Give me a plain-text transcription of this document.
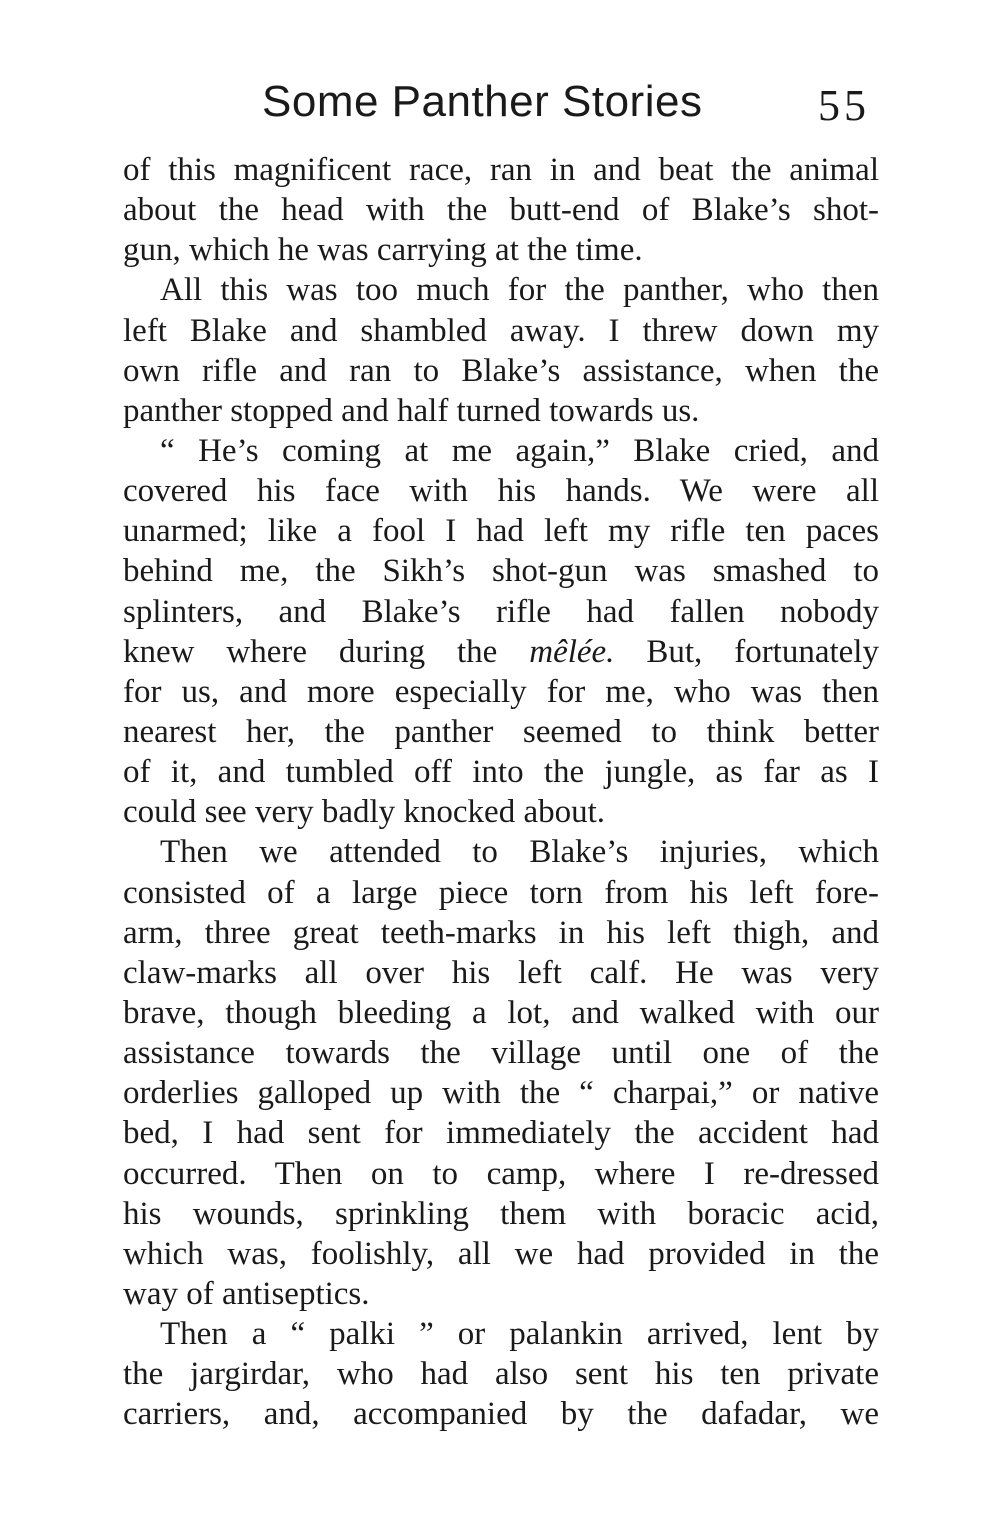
Some Panther Stories	55
of this magnificent race, ran in and beat the animal
about the head with the butt-end of Blake’s shot-
gun, which he was carrying at the time.
All this was too much for the panther, who then
left Blake and shambled away. I threw down my
own rifle and ran to Blake’s assistance, when the
panther stopped and half turned towards us.
“ He’s coming at me again,” Blake cried, and
covered his face with his hands. We were all
unarmed; like a fool I had left my rifle ten paces
behind me, the Sikh’s shot-gun was smashed to
splinters, and Blake’s rifle had fallen nobody
knew where during the mêlée. But, fortunately
for us, and more especially for me, who was then
nearest her, the panther seemed to think better
of it, and tumbled off into the jungle, as far as I
could see very badly knocked about.
Then we attended to Blake’s injuries, which
consisted of a large piece torn from his left fore-
arm, three great teeth-marks in his left thigh, and
claw-marks all over his left calf. He was very
brave, though bleeding a lot, and walked with our
assistance towards the village until one of the
orderlies galloped up with the “ charpai,” or native
bed, I had sent for immediately the accident had
occurred. Then on to camp, where I re-dressed
his wounds, sprinkling them with boracic acid,
which was, foolishly, all we had provided in the
way of antiseptics.
Then a “ palki ” or palankin arrived, lent by
the jargirdar, who had also sent his ten private
carriers, and, accompanied by the dafadar, we
